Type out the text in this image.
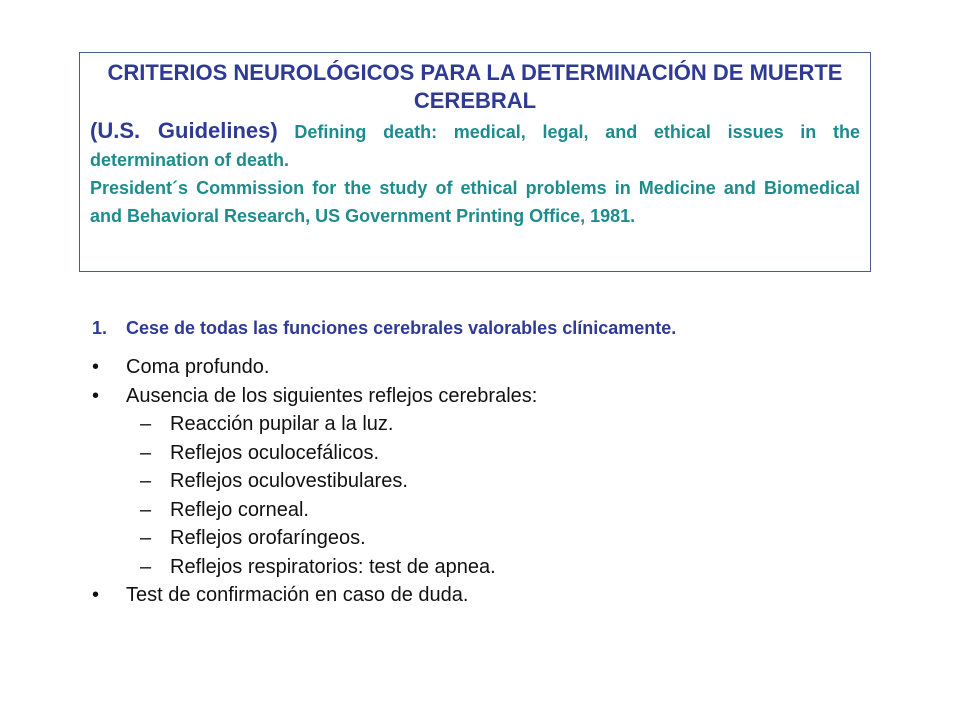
CRITERIOS NEUROLÓGICOS PARA LA DETERMINACIÓN DE MUERTE CEREBRAL

(U.S. Guidelines) Defining death: medical, legal, and ethical issues in the determination of death.

President´s Commission for the study of ethical problems in Medicine and Biomedical and Behavioral Research, US Government Printing Office, 1981.

1.	Cese de todas las funciones cerebrales valorables clínicamente.
•	Coma profundo.
•	Ausencia de los siguientes reflejos cerebrales:
– Reacción pupilar a la luz.
– Reflejos oculocefálicos.
– Reflejos oculovestibulares.
– Reflejo corneal.
– Reflejos orofaríngeos.
– Reflejos respiratorios: test de apnea.
•	Test de confirmación en caso de duda.
